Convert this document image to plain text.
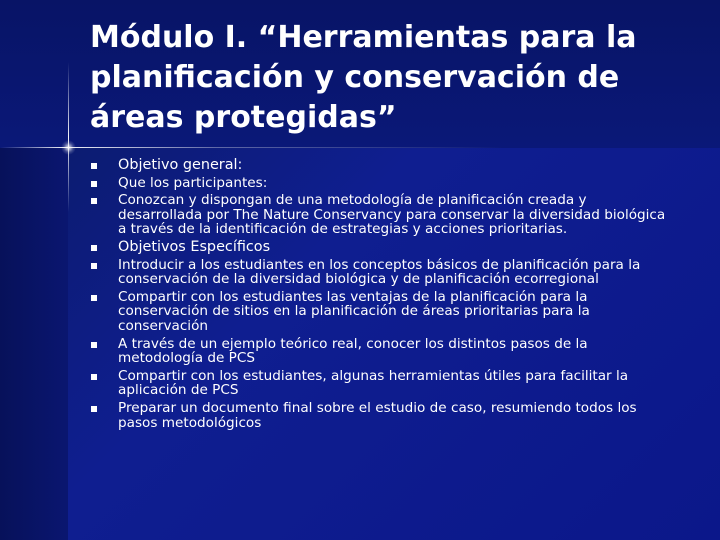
Módulo I. “Herramientas para la planificación y conservación de áreas protegidas”
Objetivo general:
Que los participantes:
Conozcan y dispongan de una metodología de planificación creada y desarrollada por The Nature Conservancy para conservar la diversidad biológica a través de la identificación de estrategias y acciones prioritarias.
Objetivos Específicos
Introducir a los estudiantes en los conceptos básicos de planificación para la conservación de la diversidad biológica y de planificación ecorregional
Compartir con los estudiantes las ventajas de la planificación para la conservación de sitios en la planificación de áreas prioritarias para la conservación
A través de un ejemplo teórico real, conocer los distintos pasos de la metodología de PCS
Compartir con los estudiantes, algunas herramientas útiles para facilitar la aplicación de PCS
Preparar un documento final sobre el estudio de caso, resumiendo todos los pasos metodológicos
